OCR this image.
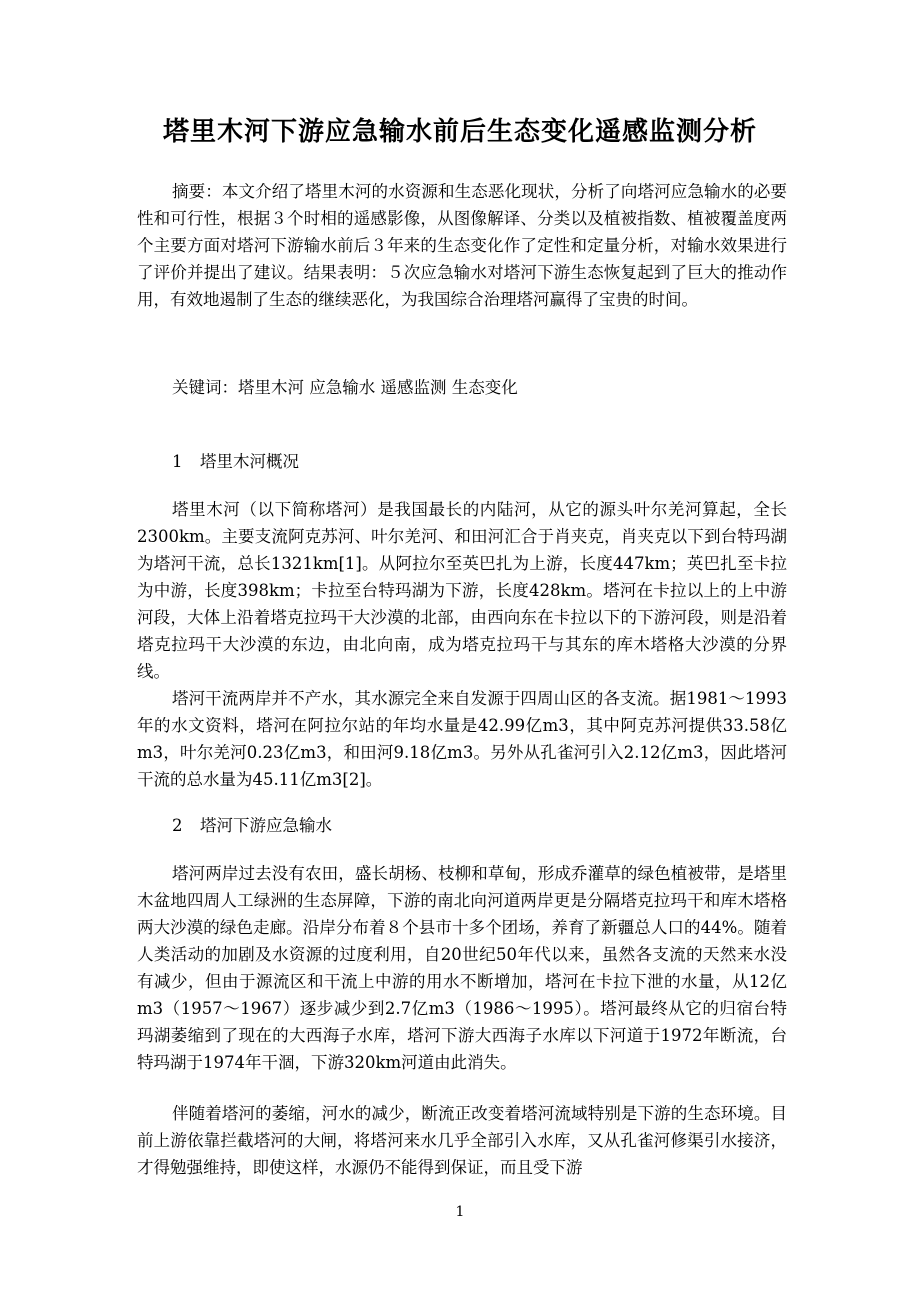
塔里木河下游应急输水前后生态变化遥感监测分析

摘要：本文介绍了塔里木河的水资源和生态恶化现状，分析了向塔河应急输水的必要性和可行性，根据３个时相的遥感影像，从图像解译、分类以及植被指数、植被覆盖度两个主要方面对塔河下游输水前后３年来的生态变化作了定性和定量分析，对输水效果进行了评价并提出了建议。结果表明：５次应急输水对塔河下游生态恢复起到了巨大的推动作用，有效地遏制了生态的继续恶化，为我国综合治理塔河赢得了宝贵的时间。

关键词：塔里木河 应急输水 遥感监测 生态变化

1 塔里木河概况

塔里木河（以下简称塔河）是我国最长的内陆河，从它的源头叶尔羌河算起，全长2300km。主要支流阿克苏河、叶尔羌河、和田河汇合于肖夹克，肖夹克以下到台特玛湖为塔河干流，总长1321km[1]。从阿拉尔至英巴扎为上游，长度447km；英巴扎至卡拉为中游，长度398km；卡拉至台特玛湖为下游，长度428km。塔河在卡拉以上的上中游河段，大体上沿着塔克拉玛干大沙漠的北部，由西向东在卡拉以下的下游河段，则是沿着塔克拉玛干大沙漠的东边，由北向南，成为塔克拉玛干与其东的库木塔格大沙漠的分界线。

塔河干流两岸并不产水，其水源完全来自发源于四周山区的各支流。据1981～1993年的水文资料，塔河在阿拉尔站的年均水量是42.99亿m3，其中阿克苏河提供33.58亿m3，叶尔羌河0.23亿m3，和田河9.18亿m3。另外从孔雀河引入2.12亿m3，因此塔河干流的总水量为45.11亿m3[2]。

2 塔河下游应急输水

塔河两岸过去没有农田，盛长胡杨、枝柳和草甸，形成乔灌草的绿色植被带，是塔里木盆地四周人工绿洲的生态屏障，下游的南北向河道两岸更是分隔塔克拉玛干和库木塔格两大沙漠的绿色走廊。沿岸分布着８个县市十多个团场，养育了新疆总人口的44%。随着人类活动的加剧及水资源的过度利用，自20世纪50年代以来，虽然各支流的天然来水没有减少，但由于源流区和干流上中游的用水不断增加，塔河在卡拉下泄的水量，从12亿m3（1957～1967）逐步减少到2.7亿m3（1986～1995）。塔河最终从它的归宿台特玛湖萎缩到了现在的大西海子水库，塔河下游大西海子水库以下河道于1972年断流，台特玛湖于1974年干涸，下游320km河道由此消失。

伴随着塔河的萎缩，河水的减少，断流正改变着塔河流域特别是下游的生态环境。目前上游依靠拦截塔河的大闸，将塔河来水几乎全部引入水库，又从孔雀河修渠引水接济，才得勉强维持，即使这样，水源仍不能得到保证，而且受下游

1
